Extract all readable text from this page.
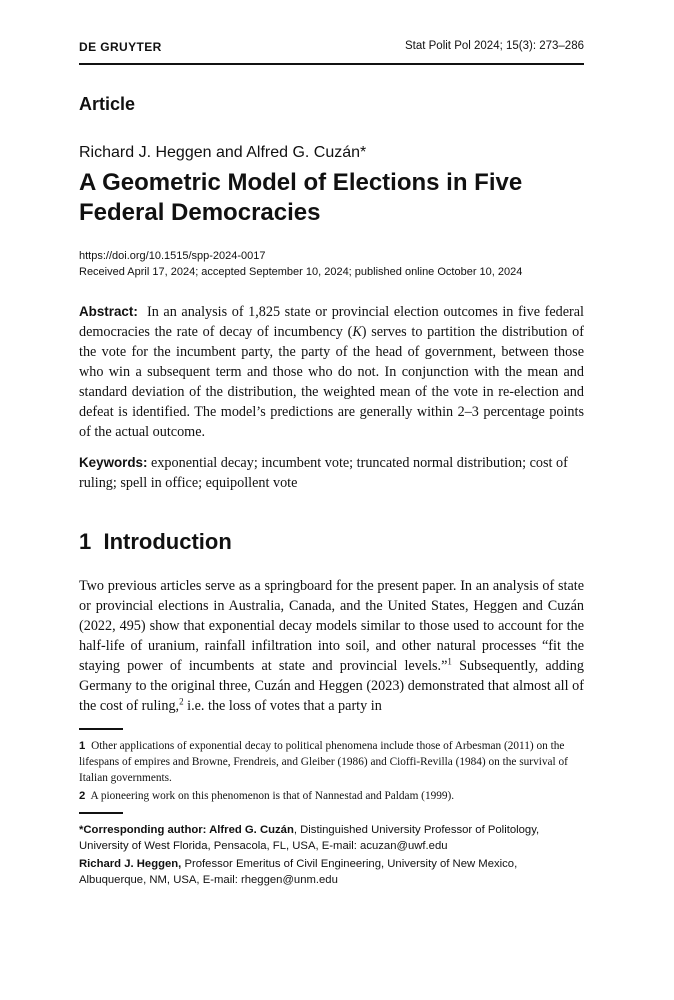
DE GRUYTER	Stat Polit Pol 2024; 15(3): 273–286
Article
Richard J. Heggen and Alfred G. Cuzán*
A Geometric Model of Elections in Five Federal Democracies
https://doi.org/10.1515/spp-2024-0017
Received April 17, 2024; accepted September 10, 2024; published online October 10, 2024

Abstract: In an analysis of 1,825 state or provincial election outcomes in five federal democracies the rate of decay of incumbency (K) serves to partition the distribution of the vote for the incumbent party, the party of the head of government, between those who win a subsequent term and those who do not. In conjunction with the mean and standard deviation of the distribution, the weighted mean of the vote in re-election and defeat is identified. The model’s predictions are generally within 2–3 percentage points of the actual outcome.

Keywords: exponential decay; incumbent vote; truncated normal distribution; cost of ruling; spell in office; equipollent vote

1 Introduction

Two previous articles serve as a springboard for the present paper. In an analysis of state or provincial elections in Australia, Canada, and the United States, Heggen and Cuzán (2022, 495) show that exponential decay models similar to those used to account for the half-life of uranium, rainfall infiltration into soil, and other natural processes “fit the staying power of incumbents at state and provincial levels.”$^1$ Subsequently, adding Germany to the original three, Cuzán and Heggen (2023) demonstrated that almost all of the cost of ruling,$^2$ i.e. the loss of votes that a party in

1 Other applications of exponential decay to political phenomena include those of Arbesman (2011) on the lifespans of empires and Browne, Frendreis, and Gleiber (1986) and Cioffi-Revilla (1984) on the survival of Italian governments.

2 A pioneering work on this phenomenon is that of Nannestad and Paldam (1999).

*Corresponding author: Alfred G. Cuzán, Distinguished University Professor of Politology, University of West Florida, Pensacola, FL, USA, E-mail: acuzan@uwf.edu

Richard J. Heggen, Professor Emeritus of Civil Engineering, University of New Mexico, Albuquerque, NM, USA, E-mail: rheggen@unm.edu
